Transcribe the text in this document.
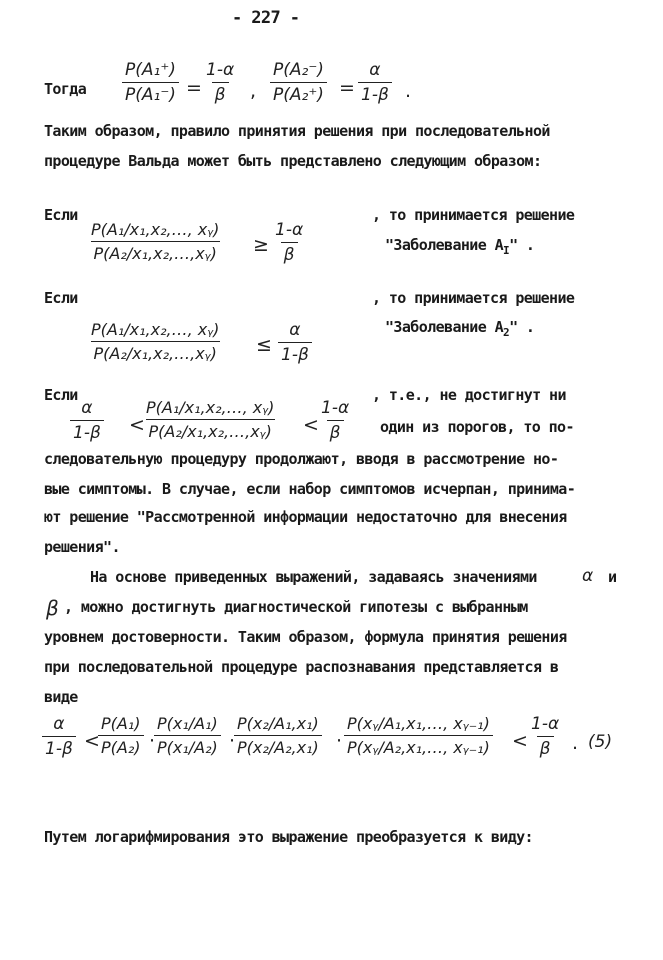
- 227 -
Тогда $\frac{\text{P(A₁⁺)}}{\text{P(A₁⁻)}} = \frac{1-\alpha}{\beta}$ , $\frac{\text{P(A₂⁻)}}{\text{P(A₂⁺)}} = \frac{\alpha}{1-\beta}$ .
Таким образом, правило принятия решения при последовательной
процедуре Вальда может быть представлено следующим образом:
Если
$\frac{\text{P(A₁/x₁,x₂,…, xᵧ)}}{\text{P(A₂/x₁,x₂,…,xᵧ)}} \ge \frac{1-\alpha}{\beta}$
, то принимается решение
"Заболевание $A_I$" .
Если
$\frac{\text{P(A₁/x₁,x₂,…, xᵧ)}}{\text{P(A₂/x₁,x₂,…,xᵧ)}} \le \frac{\alpha}{1-\beta}$
, то принимается решение
"Заболевание $A_2$" .
Если
$\frac{\alpha}{1-\beta}$ <
$\frac{\text{P(A₁/x₁,x₂,…, xᵧ)}}{\text{P(A₂/x₁,x₂,…,xᵧ)}} < \frac{1-\alpha}{\beta}$
, т.е., не достигнут ни
один из порогов, то по-
следовательную процедуру продолжают, вводя в рассмотрение но-
вые симптомы. В случае, если набор симптомов исчерпан, принима-
ют решение "Рассмотренной информации недостаточно для внесения
решения".
На основе приведенных выражений, задаваясь значениями	α и
β , можно достигнуть диагностической гипотезы с выбранным
уровнем достоверности. Таким образом, формула принятия решения
при последовательной процедуре распознавания представляется в
виде
$\frac{\alpha}{1-\beta}$ <
$\frac{\text{P(A₁)}}{\text{P(A₂)}}$ ·
$\frac{\text{P(x₁/A₁)}}{\text{P(x₁/A₂)}}$ ·
$\frac{\text{P(x₂/A₁,x₁)}}{\text{P(x₂/A₂,x₁)}} \cdot \frac{\text{P(xᵧ/A₁,x₁,…, xᵧ₋₁)}}{\text{P(xᵧ/A₂,x₁,…, xᵧ₋₁)}} < \frac{1-\alpha}{\beta}$ . (5)
Путем логарифмирования это выражение преобразуется к виду:
